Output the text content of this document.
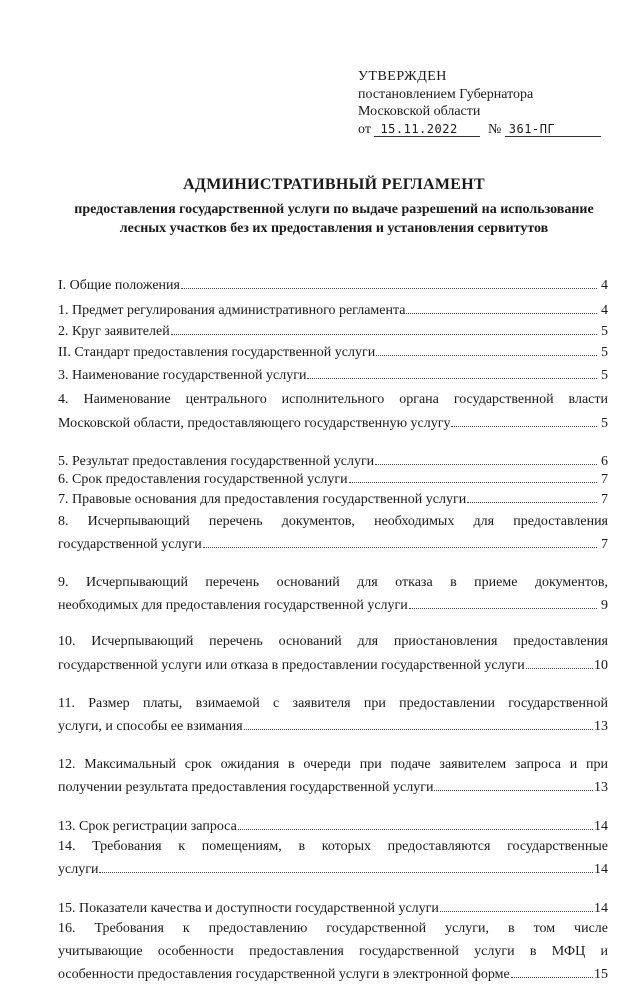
УТВЕРЖДЕН
постановлением Губернатора
Московской области
от 15.11.2022 № 361-ПГ
АДМИНИСТРАТИВНЫЙ РЕГЛАМЕНТ
предоставления государственной услуги по выдаче разрешений на использование лесных участков без их предоставления и установления сервитутов
I. Общие положения	4
1. Предмет регулирования административного регламента	4
2. Круг заявителей	5
II. Стандарт предоставления государственной услуги	5
3. Наименование государственной услуги	5
4. Наименование центрального исполнительного органа государственной власти
Московской области, предоставляющего государственную услугу	5
5. Результат предоставления государственной услуги	6
6. Срок предоставления государственной услуги	7
7. Правовые основания для предоставления государственной услуги	7
8. Исчерпывающий перечень документов, необходимых для предоставления
государственной услуги	7
9. Исчерпывающий перечень оснований для отказа в приеме документов,
необходимых для предоставления государственной услуги	9
10. Исчерпывающий перечень оснований для приостановления предоставления
государственной услуги или отказа в предоставлении государственной услуги	10
11. Размер платы, взимаемой с заявителя при предоставлении государственной
услуги, и способы ее взимания	13
12. Максимальный срок ожидания в очереди при подаче заявителем запроса и при
получении результата предоставления государственной услуги	13
13. Срок регистрации запроса	14
14. Требования к помещениям, в которых предоставляются государственные
услуги	14
15. Показатели качества и доступности государственной услуги	14
16. Требования к предоставлению государственной услуги, в том числе
учитывающие особенности предоставления государственной услуги в МФЦ и
особенности предоставления государственной услуги в электронной форме	15
